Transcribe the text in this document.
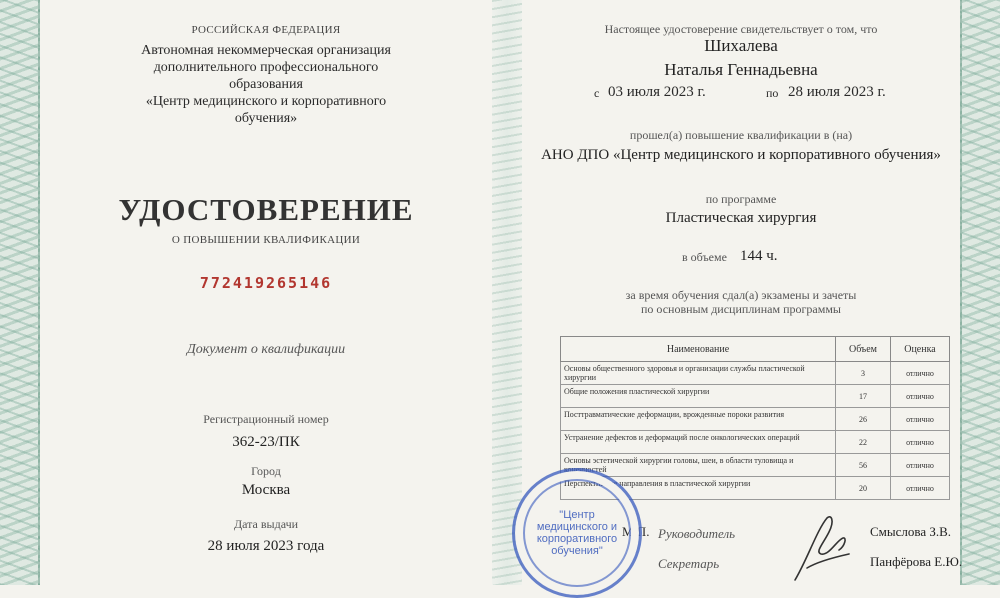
РОССИЙСКАЯ ФЕДЕРАЦИЯ
Автономная некоммерческая организация
дополнительного профессионального
образования
«Центр медицинского и корпоративного
обучения»
УДОСТОВЕРЕНИЕ
О ПОВЫШЕНИИ КВАЛИФИКАЦИИ
772419265146
Документ о квалификации
Регистрационный номер
362-23/ПК
Город
Москва
Дата выдачи
28 июля 2023 года
Настоящее удостоверение свидетельствует о том, что
Шихалева
Наталья Геннадьевна
с 03 июля 2023 г.	по 28 июля 2023 г.
прошел(а) повышение квалификации в (на)
АНО ДПО «Центр медицинского и корпоративного обучения»
по программе
Пластическая хирургия
в объеме 144 ч.
за время обучения сдал(а) экзамены и зачеты
по основным дисциплинам программы
Наименование	Объем	Оценка
Основы общественного здоровья и организации службы пластической хирургии	3	отлично
Общие положения пластической хирургии	17	отлично
Посттравматические деформации, врожденные пороки развития	26	отлично
Устранение дефектов и деформаций после онкологических операций	22	отлично
Основы эстетической хирургии головы, шеи, в области туловища и конечностей	56	отлично
Перспективные направления в пластической хирургии	20	отлично
Руководитель
М.П.	Смыслова З.В.
Секретарь	Панфёрова Е.Ю.
"Центр медицинского и корпоративного обучения"
